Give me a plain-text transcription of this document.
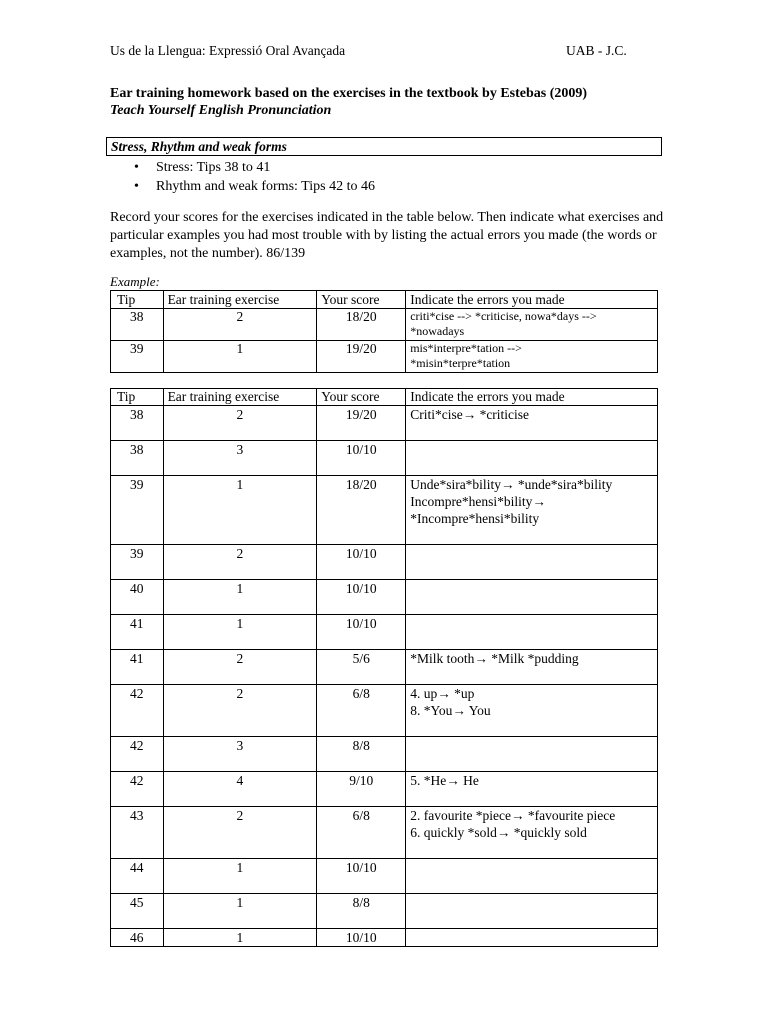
Us de la Llengua: Expressió Oral Avançada	UAB - J.C.
Ear training homework based on the exercises in the textbook by Estebas (2009)
Teach Yourself English Pronunciation
Stress, Rhythm and weak forms
• Stress: Tips 38 to 41
• Rhythm and weak forms: Tips 42 to 46

Record your scores for the exercises indicated in the table below. Then indicate what exercises and particular examples you had most trouble with by listing the actual errors you made (the words or examples, not the number). 86/139

Example:
Tip	Ear training exercise	Your score	Indicate the errors you made
38	2	18/20	criti*cise --> *criticise, nowa*days -->
*nowadays

39	1	19/20	mis*interpre*tation -->
*misin*terpre*tation
Tip	Ear training exercise	Your score	Indicate the errors you made
38	2	19/20	Criti*cise→ *criticise

38	3	10/10	
39	1	18/20	Unde*sira*bility→ *unde*sira*bility
Incompre*hensi*bility→
*Incompre*hensi*bility

39	2	10/10	
40	1	10/10	
41	1	10/10	
41	2	5/6	*Milk tooth→ *Milk *pudding

42	2	6/8	4. up→ *up
8. *You→ You

42	3	8/8	
42	4	9/10	5. *He→ He

43	2	6/8	2. favourite *piece→ *favourite piece
6. quickly *sold→ *quickly sold

44	1	10/10	
45	1	8/8	
46	1	10/10	
